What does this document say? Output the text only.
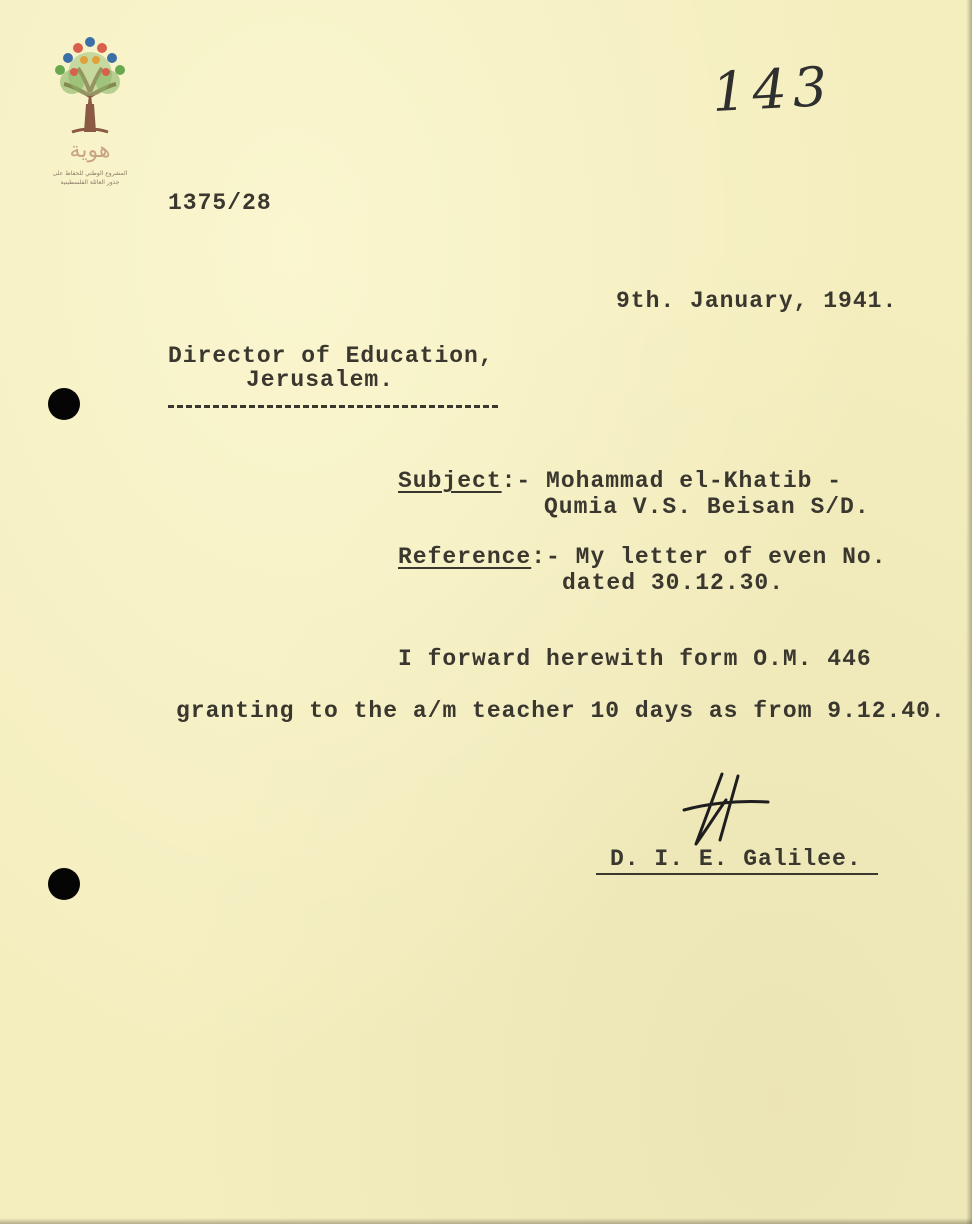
هوية
المشروع الوطني للحفاظ على
جذور العائلة الفلسطينية
143
1375/28
9th. January, 1941.
Director of Education,
Jerusalem.
Subject:- Mohammad el-Khatib -
Qumia V.S. Beisan S/D.
Reference:- My letter of even No.
dated 30.12.30.
I forward herewith form O.M. 446
granting to the a/m teacher 10 days as from 9.12.40.
D. I. E. Galilee.
